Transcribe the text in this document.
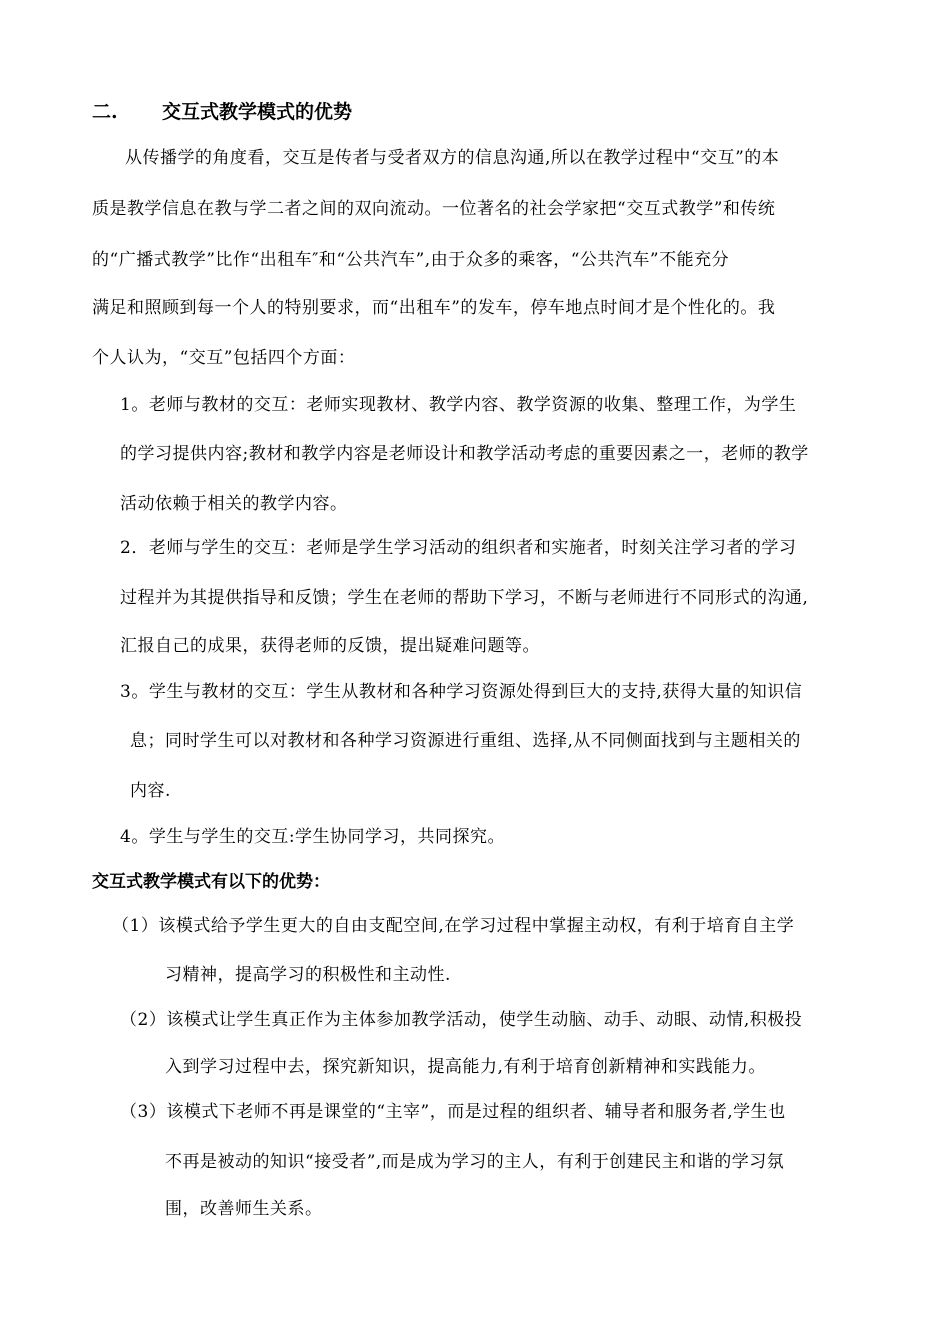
二. 交互式教学模式的优势
从传播学的角度看，交互是传者与受者双方的信息沟通,所以在教学过程中“交互”的本
质是教学信息在教与学二者之间的双向流动。一位著名的社会学家把“交互式教学”和传统
的“广播式教学”比作“出租车″和“公共汽车”,由于众多的乘客，“公共汽车”不能充分
满足和照顾到每一个人的特别要求，而“出租车”的发车，停车地点时间才是个性化的。我
个人认为，“交互”包括四个方面：
1。老师与教材的交互：老师实现教材、教学内容、教学资源的收集、整理工作，为学生
的学习提供内容;教材和教学内容是老师设计和教学活动考虑的重要因素之一，老师的教学
活动依赖于相关的教学内容。
2．老师与学生的交互：老师是学生学习活动的组织者和实施者，时刻关注学习者的学习
过程并为其提供指导和反馈；学生在老师的帮助下学习，不断与老师进行不同形式的沟通,
汇报自己的成果，获得老师的反馈，提出疑难问题等。
3。学生与教材的交互：学生从教材和各种学习资源处得到巨大的支持,获得大量的知识信
息；同时学生可以对教材和各种学习资源进行重组、选择,从不同侧面找到与主题相关的
内容.
4。学生与学生的交互:学生协同学习，共同探究。
交互式教学模式有以下的优势：
（1）该模式给予学生更大的自由支配空间,在学习过程中掌握主动权，有利于培育自主学
习精神，提高学习的积极性和主动性.
（2）该模式让学生真正作为主体参加教学活动，使学生动脑、动手、动眼、动情,积极投
入到学习过程中去，探究新知识，提高能力,有利于培育创新精神和实践能力。
（3）该模式下老师不再是课堂的“主宰”，而是过程的组织者、辅导者和服务者,学生也
不再是被动的知识“接受者”,而是成为学习的主人，有利于创建民主和谐的学习氛
围，改善师生关系。
